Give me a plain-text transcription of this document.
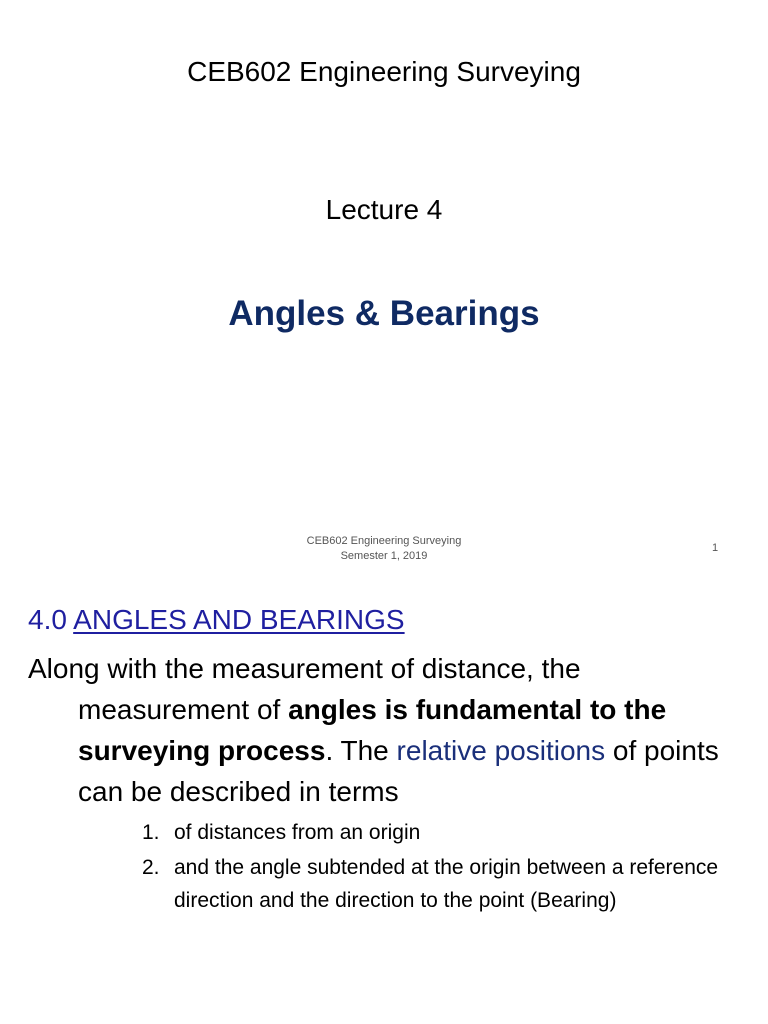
CEB602 Engineering Surveying
Lecture 4
Angles & Bearings
CEB602 Engineering Surveying
Semester 1, 2019
1
4.0 ANGLES AND BEARINGS
Along with the measurement of distance, the measurement of angles is fundamental to the surveying process. The relative positions of points can be described in terms
1. of distances from an origin
2. and the angle subtended at the origin between a reference direction and the direction to the point (Bearing)
